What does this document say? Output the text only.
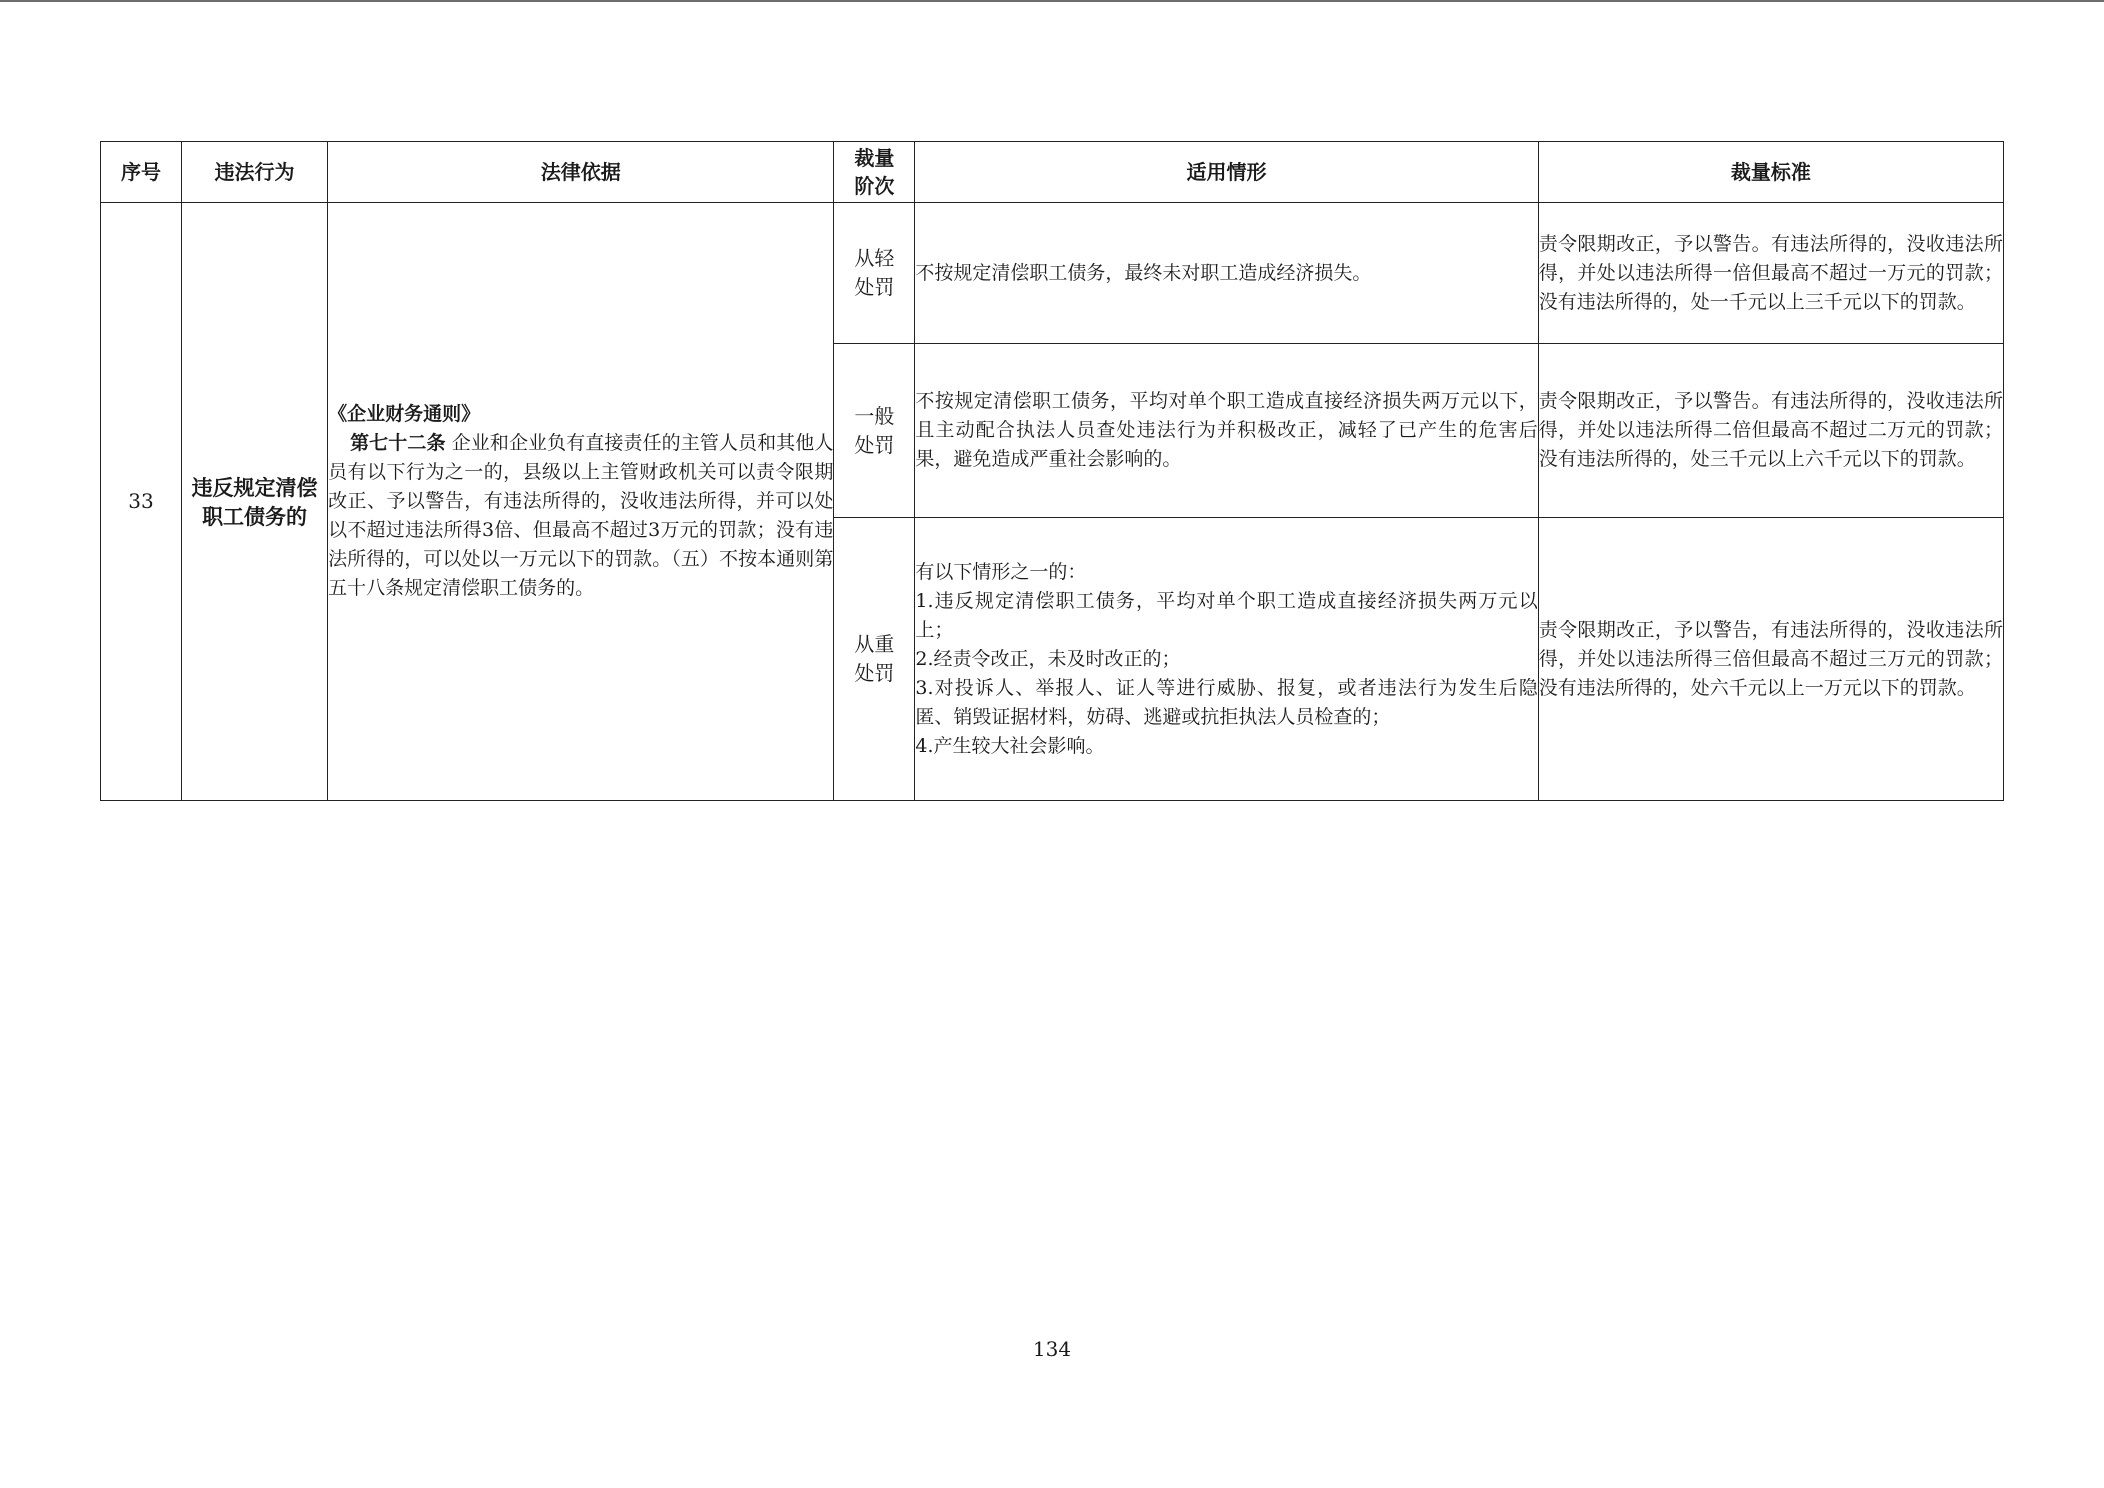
序号	违法行为	法律依据	裁量阶次	适用情形	裁量标准
33	违反规定清偿职工债务的	《企业财务通则》
第七十二条 企业和企业负有直接责任的主管人员和其他人员有以下行为之一的，县级以上主管财政机关可以责令限期改正、予以警告，有违法所得的，没收违法所得，并可以处以不超过违法所得3倍、但最高不超过3万元的罚款；没有违法所得的，可以处以一万元以下的罚款。（五）不按本通则第五十八条规定清偿职工债务的。	从轻处罚	不按规定清偿职工债务，最终未对职工造成经济损失。	责令限期改正，予以警告。有违法所得的，没收违法所得，并处以违法所得一倍但最高不超过一万元的罚款；没有违法所得的，处一千元以上三千元以下的罚款。
			一般处罚	不按规定清偿职工债务，平均对单个职工造成直接经济损失两万元以下，且主动配合执法人员查处违法行为并积极改正，减轻了已产生的危害后果，避免造成严重社会影响的。	责令限期改正，予以警告。有违法所得的，没收违法所得，并处以违法所得二倍但最高不超过二万元的罚款；没有违法所得的，处三千元以上六千元以下的罚款。
			从重处罚	有以下情形之一的：
1.违反规定清偿职工债务，平均对单个职工造成直接经济损失两万元以上；
2.经责令改正，未及时改正的；
3.对投诉人、举报人、证人等进行威胁、报复，或者违法行为发生后隐匿、销毁证据材料，妨碍、逃避或抗拒执法人员检查的；
4.产生较大社会影响。	责令限期改正，予以警告，有违法所得的，没收违法所得，并处以违法所得三倍但最高不超过三万元的罚款；没有违法所得的，处六千元以上一万元以下的罚款。
134
